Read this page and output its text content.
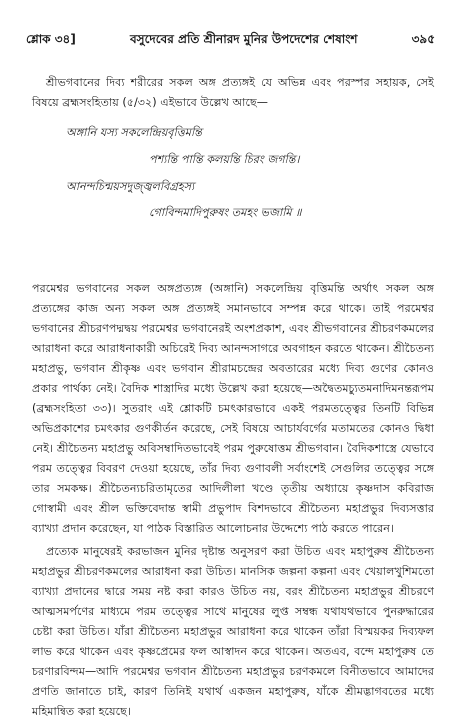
শ্লোক ৩৪]	বসুদেবের প্রতি শ্রীনারদ মুনির উপদেশের শেষাংশ	৩৯৫

শ্রীভগবানের দিব্য শরীরের সকল অঙ্গ প্রত্যঙ্গই যে অভিন্ন এবং পরস্পর সহায়ক, সেই বিষয়ে ব্রহ্মসংহিতায় (৫/৩২) এইভাবে উল্লেখ আছে—

অঙ্গানি যস্য সকলেন্দ্রিয়বৃত্তিমন্তি
পশ্যন্তি পান্তি কলয়ন্তি চিরং জগন্তি।
আনন্দচিন্ময়সদুজ্জ্বলবিগ্রহস্য
গোবিন্দমাদিপুরুষং তমহং ভজামি ॥

পরমেশ্বর ভগবানের সকল অঙ্গপ্রত্যঙ্গ (অঙ্গানি) সকলেন্দ্রিয় বৃত্তিমন্তি অর্থাৎ সকল অঙ্গ প্রত্যঙ্গের কাজ অন্য সকল অঙ্গ প্রত্যঙ্গই সমানভাবে সম্পন্ন করে থাকে। তাই পরমেশ্বর ভগবানের শ্রীচরণপদ্মদ্বয় পরমেশ্বর ভগবানেরই অংশপ্রকাশ, এবং শ্রীভগবানের শ্রীচরণকমলের আরাধনা করে আরাধনাকারী অচিরেই দিব্য আনন্দসাগরে অবগাহন করতে থাকেন। শ্রীচৈতন্য মহাপ্রভু, ভগবান শ্রীকৃষ্ণ এবং ভগবান শ্রীরামচন্দ্রের অবতারের মধ্যে দিব্য গুণের কোনও প্রকার পার্থক্য নেই। বৈদিক শাস্ত্রাদির মধ্যে উল্লেখ করা হয়েছে—অদ্বৈতমচ্যুতমনাদিমনন্তরূপম (ব্রহ্মসংহিতা ৩৩)। সুতরাং এই শ্লোকটি চমৎকারভাবে একই পরমতত্ত্বের তিনটি বিভিন্ন অভিপ্রকাশের চমৎকার গুণকীর্তন করেছে, সেই বিষয়ে আচার্যবর্গের মতামতের কোনও দ্বিধা নেই। শ্রীচৈতন্য মহাপ্রভু অবিসম্বাদিতভাবেই পরম পুরুষোত্তম শ্রীভগবান। বৈদিকশাস্ত্রে যেভাবে পরম তত্ত্বের বিবরণ দেওয়া হয়েছে, তাঁর দিব্য গুণাবলী সর্বাংশেই সেগুলির তত্ত্বের সঙ্গে তার সমকক্ষ। শ্রীচৈতন্যচরিতামৃতের আদিলীলা খণ্ডে তৃতীয় অধ্যায়ে কৃষ্ণদাস কবিরাজ গোস্বামী এবং শ্রীল ভক্তিবেদান্ত স্বামী প্রভুপাদ বিশদভাবে শ্রীচৈতন্য মহাপ্রভুর দিব্যসত্তার ব্যাখ্যা প্রদান করেছেন, যা পাঠক বিস্তারিত আলোচনার উদ্দেশ্যে পাঠ করতে পারেন।

প্রত্যেক মানুষেরই করভাজন মুনির দৃষ্টান্ত অনুসরণ করা উচিত এবং মহাপুরুষ শ্রীচৈতন্য মহাপ্রভুর শ্রীচরণকমলের আরাধনা করা উচিত। মানসিক জল্পনা কল্পনা এবং খেয়ালখুশিমতো ব্যাখ্যা প্রদানের দ্বারে সময় নষ্ট করা কারও উচিত নয়, বরং শ্রীচৈতন্য মহাপ্রভুর শ্রীচরণে আত্মসমর্পণের মাধ্যমে পরম তত্ত্বের সাথে মানুষের লুপ্ত সম্বন্ধ যথাযথভাবে পুনরুদ্ধারের চেষ্টা করা উচিত। যাঁরা শ্রীচৈতন্য মহাপ্রভুর আরাধনা করে থাকেন তাঁরা বিস্ময়কর দিব্যফল লাভ করে থাকেন এবং কৃষ্ণপ্রেমের ফল আস্বাদন করে থাকেন। অতএব, বন্দে মহাপুরুষ তে চরণারবিন্দম—আদি পরমেশ্বর ভগবান শ্রীচৈতন্য মহাপ্রভুর চরণকমলে বিনীতভাবে আমাদের প্রণতি জানাতে চাই, কারণ তিনিই যথার্থ একজন মহাপুরুষ, যাঁকে শ্রীমদ্ভাগবতের মধ্যে মহিমান্বিত করা হয়েছে।
